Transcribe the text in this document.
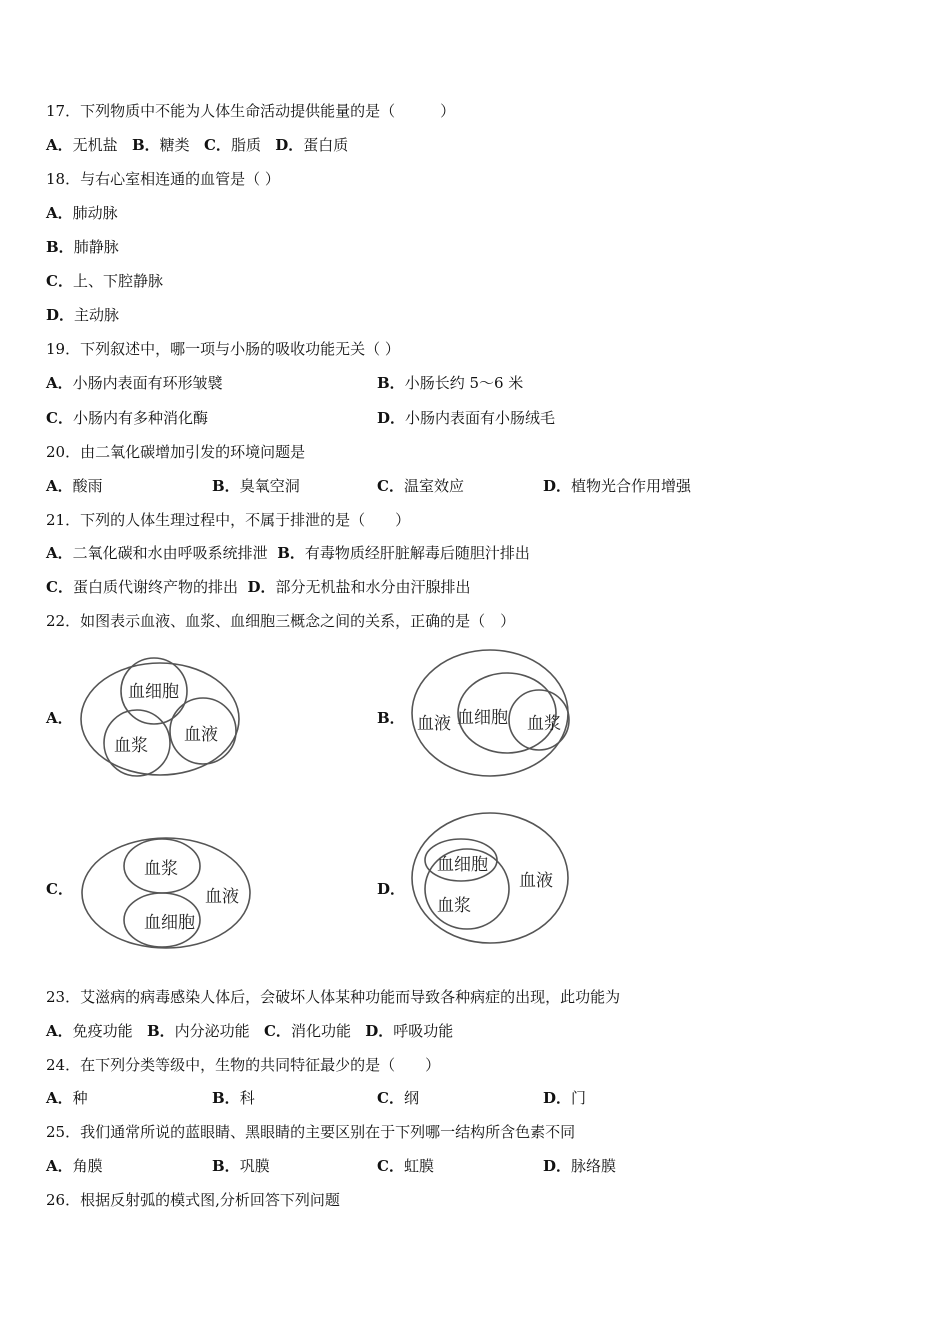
17．下列物质中不能为人体生命活动提供能量的是（　　　）
A．无机盐 B．糖类 C．脂质 D．蛋白质
18．与右心室相连通的血管是（ ）
A．肺动脉
B．肺静脉
C．上、下腔静脉
D．主动脉
19．下列叙述中，哪一项与小肠的吸收功能无关（ ）
A．小肠内表面有环形皱襞	B．小肠长约 5～6 米
C．小肠内有多种消化酶	D．小肠内表面有小肠绒毛
20．由二氧化碳增加引发的环境问题是
A．酸雨	B．臭氧空洞	C．温室效应	D．植物光合作用增强
21．下列的人体生理过程中，不属于排泄的是（　　）
A．二氧化碳和水由呼吸系统排泄 B．有毒物质经肝脏解毒后随胆汁排出
C．蛋白质代谢终产物的排出 D．部分无机盐和水分由汗腺排出
22．如图表示血液、血浆、血细胞三概念之间的关系，正确的是（　）
A．
血细胞
血浆
血液
B． 血液 血细胞 血浆
C．
血浆
血细胞
血液	D．
血细胞
血浆
血液
23．艾滋病的病毒感染人体后，会破坏人体某种功能而导致各种病症的出现，此功能为
A．免疫功能 B．内分泌功能 C．消化功能 D．呼吸功能
24．在下列分类等级中，生物的共同特征最少的是（　　）
A．种	B．科	C．纲	D．门
25．我们通常所说的蓝眼睛、黑眼睛的主要区别在于下列哪一结构所含色素不同
A．角膜	B．巩膜	C．虹膜	D．脉络膜
26．根据反射弧的模式图,分析回答下列问题
